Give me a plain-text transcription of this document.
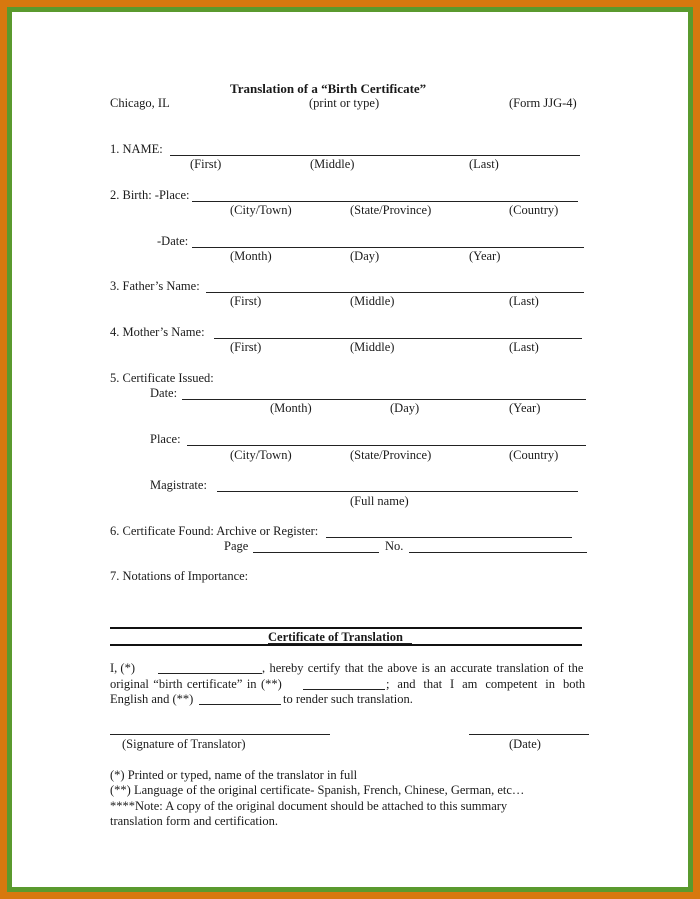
Translation of a “Birth Certificate”
Chicago, IL	(print or type)	(Form JJG-4)
1. NAME:
(First)	(Middle)	(Last)
2. Birth: -Place:
(City/Town)	(State/Province)	(Country)
-Date:
(Month)	(Day)	(Year)
3. Father’s Name:
(First)	(Middle)	(Last)
4. Mother’s Name:
(First)	(Middle)	(Last)
5. Certificate Issued:
Date:
(Month)	(Day)	(Year)
Place:
(City/Town)	(State/Province)	(Country)
Magistrate:
(Full name)
6. Certificate Found: Archive or Register:
Page	No.
7. Notations of Importance:
Certificate of Translation
I, (*)	, hereby certify that the above is an accurate translation of the
original “birth certificate” in (**)	; and that I am competent in both
English and (**)	to render such translation.
(Signature of Translator)	(Date)
(*) Printed or typed, name of the translator in full
(**) Language of the original certificate- Spanish, French, Chinese, German, etc…
****Note: A copy of the original document should be attached to this summary
translation form and certification.
